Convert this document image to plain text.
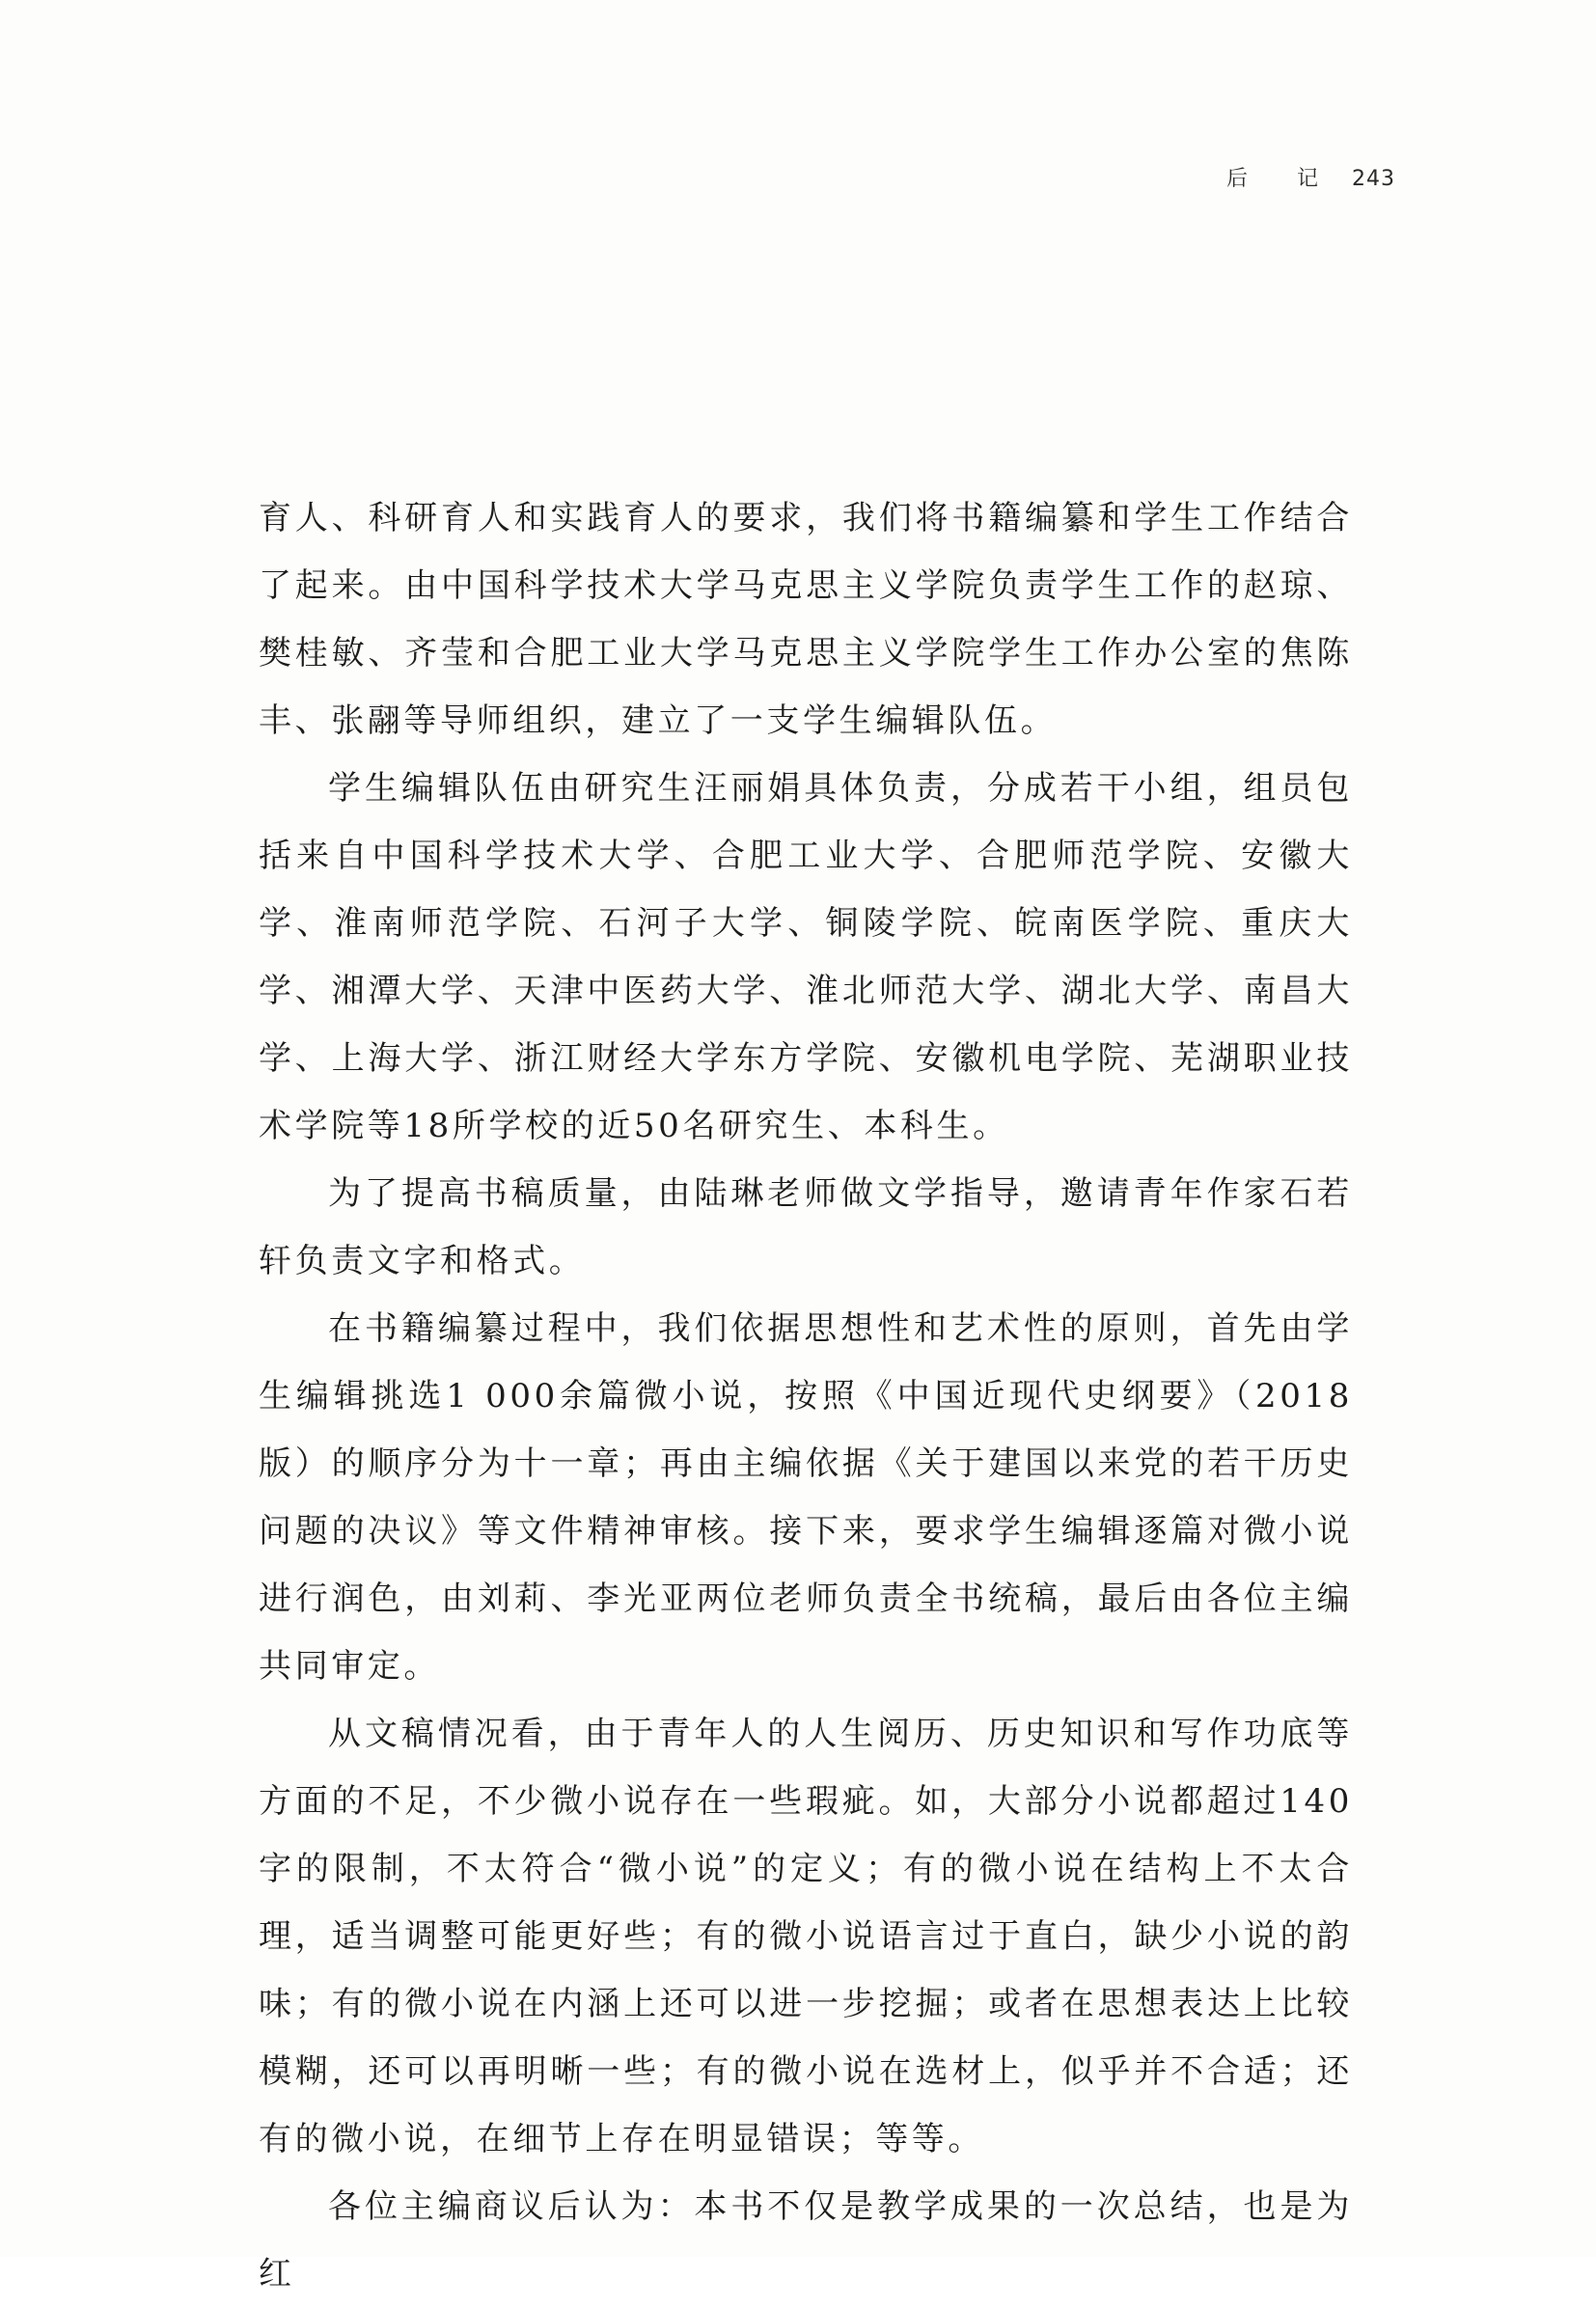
后 记 243

育人、科研育人和实践育人的要求，我们将书籍编纂和学生工作结合了起来。由中国科学技术大学马克思主义学院负责学生工作的赵琼、樊桂敏、齐莹和合肥工业大学马克思主义学院学生工作办公室的焦陈丰、张翮等导师组织，建立了一支学生编辑队伍。

学生编辑队伍由研究生汪丽娟具体负责，分成若干小组，组员包括来自中国科学技术大学、合肥工业大学、合肥师范学院、安徽大学、淮南师范学院、石河子大学、铜陵学院、皖南医学院、重庆大学、湘潭大学、天津中医药大学、淮北师范大学、湖北大学、南昌大学、上海大学、浙江财经大学东方学院、安徽机电学院、芜湖职业技术学院等18所学校的近50名研究生、本科生。

为了提高书稿质量，由陆琳老师做文学指导，邀请青年作家石若轩负责文字和格式。

在书籍编纂过程中，我们依据思想性和艺术性的原则，首先由学生编辑挑选1 000余篇微小说，按照《中国近现代史纲要》（2018版）的顺序分为十一章；再由主编依据《关于建国以来党的若干历史问题的决议》等文件精神审核。接下来，要求学生编辑逐篇对微小说进行润色，由刘莉、李光亚两位老师负责全书统稿，最后由各位主编共同审定。

从文稿情况看，由于青年人的人生阅历、历史知识和写作功底等方面的不足，不少微小说存在一些瑕疵。如，大部分小说都超过140字的限制，不太符合“微小说”的定义；有的微小说在结构上不太合理，适当调整可能更好些；有的微小说语言过于直白，缺少小说的韵味；有的微小说在内涵上还可以进一步挖掘；或者在思想表达上比较模糊，还可以再明晰一些；有的微小说在选材上，似乎并不合适；还有的微小说，在细节上存在明显错误；等等。

各位主编商议后认为：本书不仅是教学成果的一次总结，也是为红
